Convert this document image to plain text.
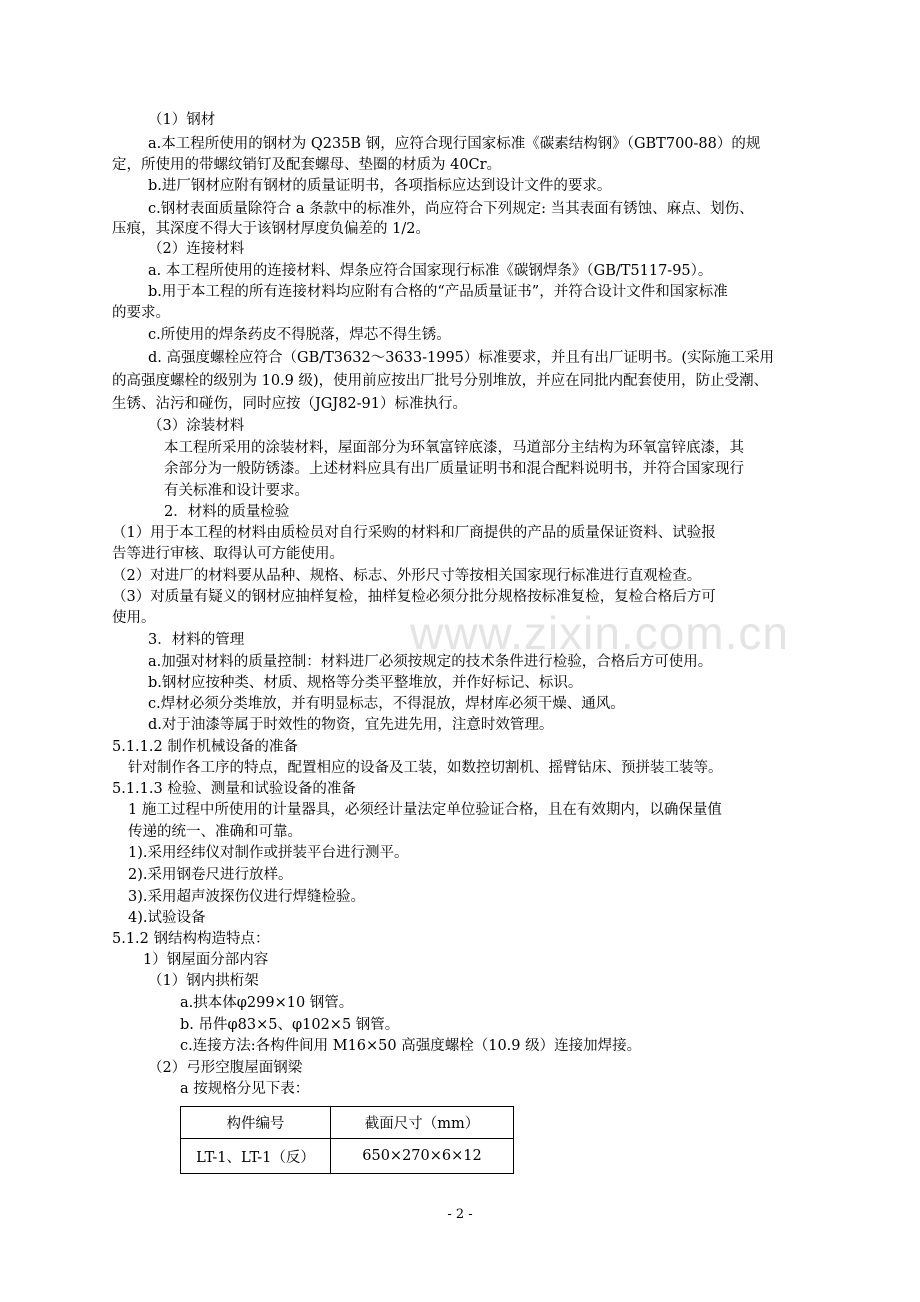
www.zixin.com.cn
（1）钢材
a.本工程所使用的钢材为 Q235B 钢，应符合现行国家标准《碳素结构钢》（GBT700-88）的规
定，所使用的带螺纹销钉及配套螺母、垫圈的材质为 40Cr。
b.进厂钢材应附有钢材的质量证明书，各项指标应达到设计文件的要求。
c.钢材表面质量除符合 a 条款中的标准外，尚应符合下列规定: 当其表面有锈蚀、麻点、划伤、
压痕，其深度不得大于该钢材厚度负偏差的 1/2。
（2）连接材料
a. 本工程所使用的连接材料、焊条应符合国家现行标准《碳钢焊条》（GB/T5117-95）。
b.用于本工程的所有连接材料均应附有合格的“产品质量证书”，并符合设计文件和国家标准
的要求。
c.所使用的焊条药皮不得脱落，焊芯不得生锈。
d. 高强度螺栓应符合（GB/T3632～3633-1995）标准要求，并且有出厂证明书。(实际施工采用
的高强度螺栓的级别为 10.9 级)，使用前应按出厂批号分别堆放，并应在同批内配套使用，防止受潮、
生锈、沾污和碰伤，同时应按（JGJ82-91）标准执行。
（3）涂装材料
本工程所采用的涂装材料，屋面部分为环氧富锌底漆，马道部分主结构为环氧富锌底漆，其
余部分为一般防锈漆。上述材料应具有出厂质量证明书和混合配料说明书，并符合国家现行
有关标准和设计要求。
2．材料的质量检验
（1）用于本工程的材料由质检员对自行采购的材料和厂商提供的产品的质量保证资料、试验报
告等进行审核、取得认可方能使用。
（2）对进厂的材料要从品种、规格、标志、外形尺寸等按相关国家现行标准进行直观检查。
（3）对质量有疑义的钢材应抽样复检，抽样复检必须分批分规格按标准复检，复检合格后方可
使用。
3．材料的管理
a.加强对材料的质量控制：材料进厂必须按规定的技术条件进行检验，合格后方可使用。
b.钢材应按种类、材质、规格等分类平整堆放，并作好标记、标识。
c.焊材必须分类堆放，并有明显标志，不得混放，焊材库必须干燥、通风。
d.对于油漆等属于时效性的物资，宜先进先用，注意时效管理。
5.1.1.2 制作机械设备的准备
针对制作各工序的特点，配置相应的设备及工装，如数控切割机、摇臂钻床、预拼装工装等。
5.1.1.3 检验、测量和试验设备的准备
1 施工过程中所使用的计量器具，必须经计量法定单位验证合格，且在有效期内，以确保量值
传递的统一、准确和可靠。
1).采用经纬仪对制作或拼装平台进行测平。
2).采用钢卷尺进行放样。
3).采用超声波探伤仪进行焊缝检验。
4).试验设备
5.1.2 钢结构构造特点：
1）钢屋面分部内容
（1）钢内拱桁架
a.拱本体φ299×10 钢管。
b. 吊件φ83×5、φ102×5 钢管。
c.连接方法:各构件间用 M16×50 高强度螺栓（10.9 级）连接加焊接。
（2）弓形空腹屋面钢梁
a 按规格分见下表：
构件编号	截面尺寸（mm）
LT-1、LT-1（反）	650×270×6×12
- 2 -
